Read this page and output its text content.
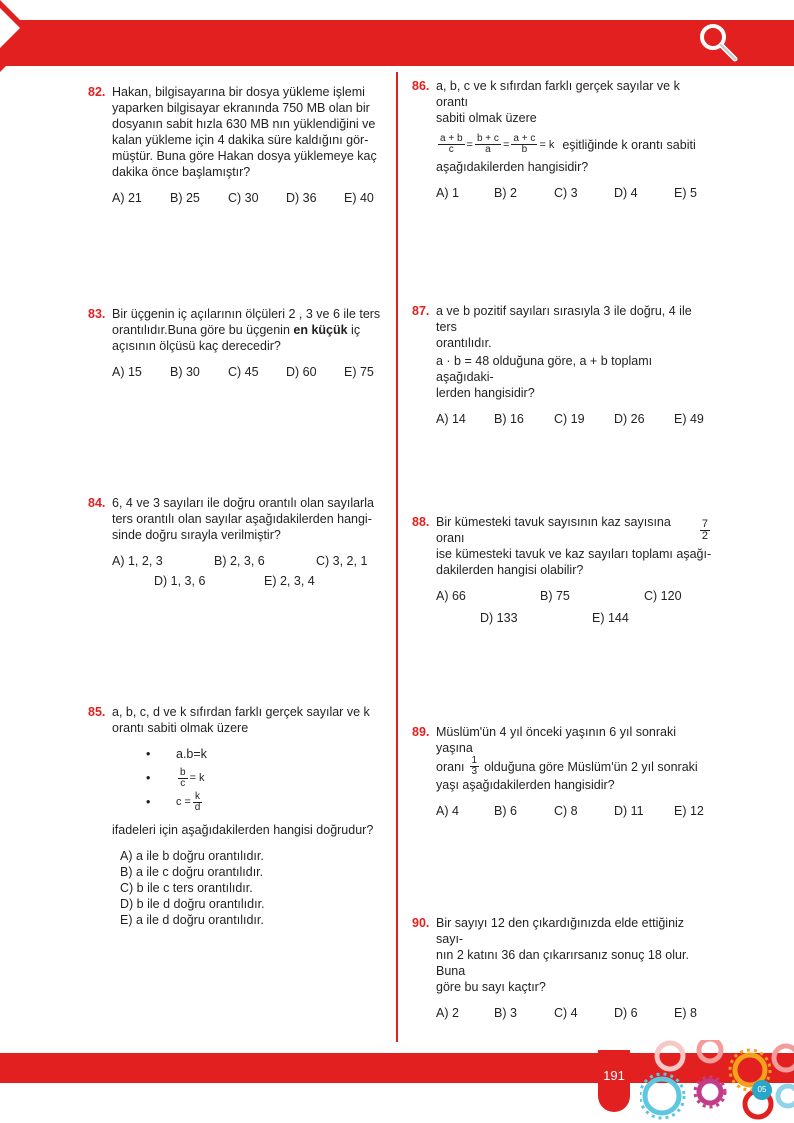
82. Hakan, bilgisayarına bir dosya yükleme işlemi
yaparken bilgisayar ekranında 750 MB olan bir
dosyanın sabit hızla 630 MB nın yüklendiğini ve
kalan yükleme için 4 dakika süre kaldığını gör-
müştür. Buna göre Hakan dosya yüklemeye kaç
dakika önce başlamıştır?
A) 21	B) 25	C) 30	D) 36	E) 40
83. Bir üçgenin iç açılarının ölçüleri 2 , 3 ve 6 ile ters
orantılıdır.Buna göre bu üçgenin en küçük iç
açısının ölçüsü kaç derecedir?
A) 15	B) 30	C) 45	D) 60	E) 75
84. 6, 4 ve 3 sayıları ile doğru orantılı olan sayılarla
ters orantılı olan sayılar aşağıdakilerden hangi-
sinde doğru sırayla verilmiştir?
A) 1, 2, 3	B) 2, 3, 6	C) 3, 2, 1
D) 1, 3, 6	E) 2, 3, 4
85. a, b, c, d ve k sıfırdan farklı gerçek sayılar ve k
orantı sabiti olmak üzere
•	a.b=k
•	$\frac{b}{c} = k$
•	$c = \frac{k}{d}$
ifadeleri için aşağıdakilerden hangisi doğrudur?
A) a ile b doğru orantılıdır.
B) a ile c doğru orantılıdır.
C) b ile c ters orantılıdır.
D) b ile d doğru orantılıdır.
E) a ile d doğru orantılıdır.
86. a, b, c ve k sıfırdan farklı gerçek sayılar ve k orantı
sabiti olmak üzere
$\frac{a + b}{c} = \frac{b + c}{a} = \frac{a + c}{b} = k$ eşitliğinde k orantı sabiti
aşağıdakilerden hangisidir?
A) 1	B) 2	C) 3	D) 4	E) 5
87. a ve b pozitif sayıları sırasıyla 3 ile doğru, 4 ile ters
orantılıdır.
a · b = 48 olduğuna göre, a + b toplamı aşağıdaki-
lerden hangisidir?
A) 14	B) 16	C) 19	D) 26	E) 49
88. Bir kümesteki tavuk sayısının kaz sayısına oranı	$\frac{7}{2}$
ise kümesteki tavuk ve kaz sayıları toplamı aşağı-
dakilerden hangisi olabilir?
A) 66	B) 75	C) 120
D) 133	E) 144
89. Müslüm'ün 4 yıl önceki yaşının 6 yıl sonraki yaşına
oranı $\frac{1}{3}$ olduğuna göre Müslüm'ün 2 yıl sonraki
yaşı aşağıdakilerden hangisidir?
A) 4	B) 6	C) 8	D) 11	E) 12
90. Bir sayıyı 12 den çıkardığınızda elde ettiğiniz sayı-
nın 2 katını 36 dan çıkarırsanız sonuç 18 olur. Buna
göre bu sayı kaçtır?
A) 2	B) 3	C) 4	D) 6	E) 8
191
05
